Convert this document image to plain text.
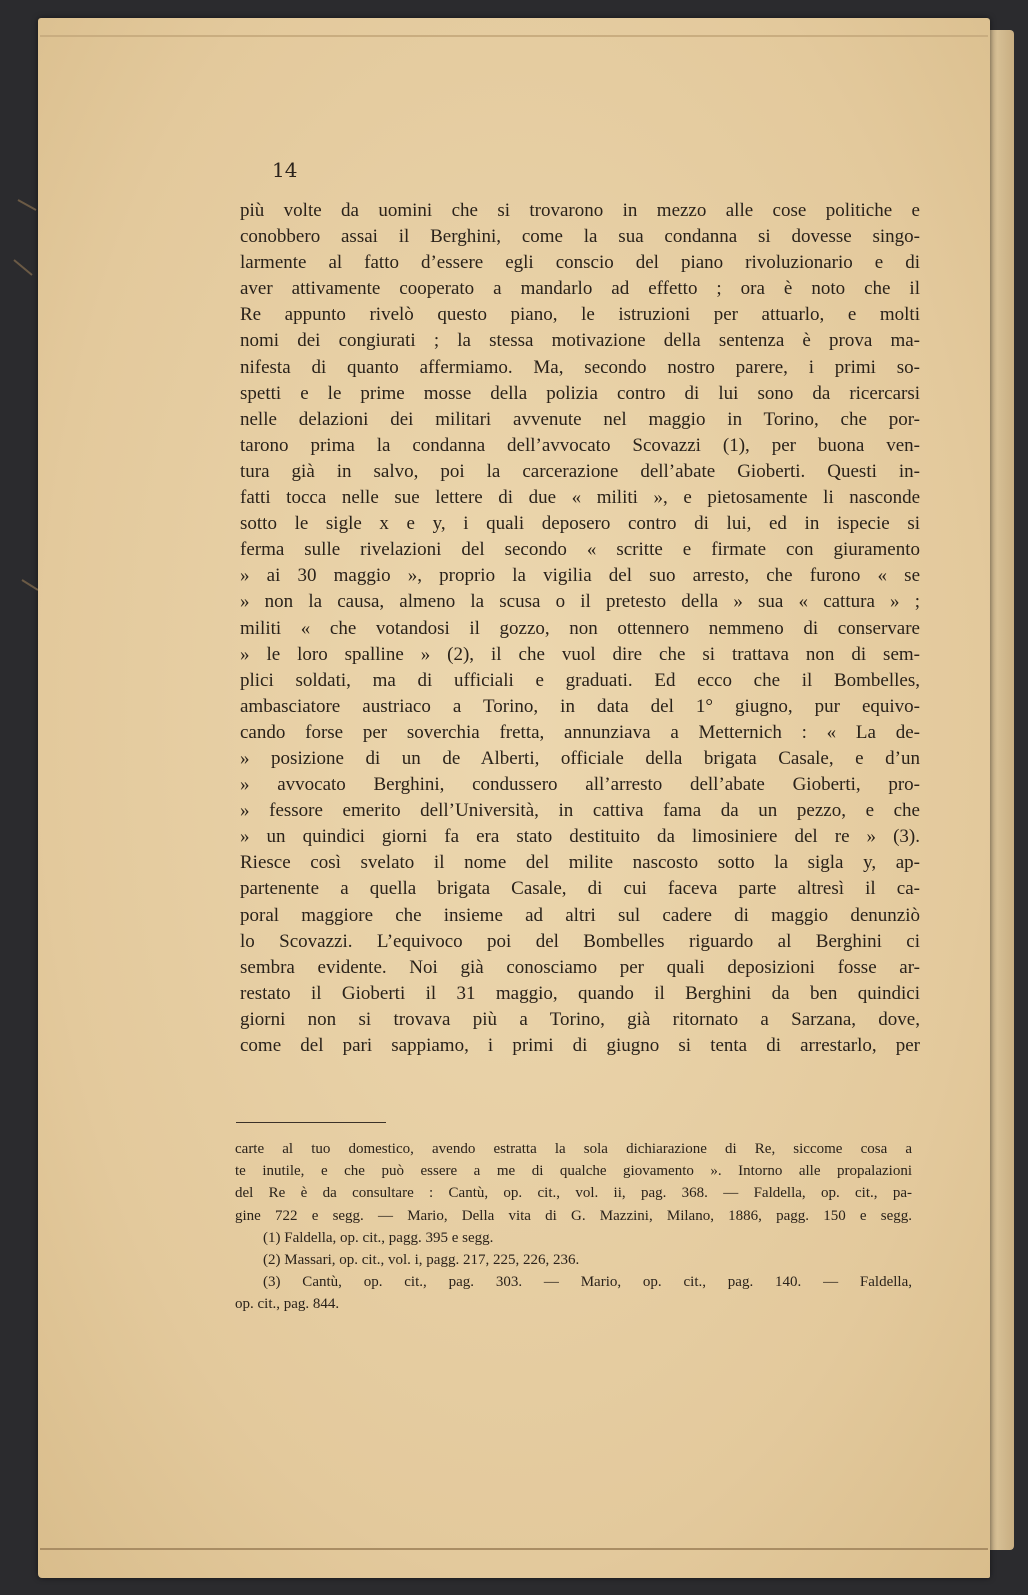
14
più volte da uomini che si trovarono in mezzo alle cose politiche e
conobbero assai il Berghini, come la sua condanna si dovesse singo-
larmente al fatto d’essere egli conscio del piano rivoluzionario e di
aver attivamente cooperato a mandarlo ad effetto ; ora è noto che il
Re appunto rivelò questo piano, le istruzioni per attuarlo, e molti
nomi dei congiurati ; la stessa motivazione della sentenza è prova ma-
nifesta di quanto affermiamo. Ma, secondo nostro parere, i primi so-
spetti e le prime mosse della polizia contro di lui sono da ricercarsi
nelle delazioni dei militari avvenute nel maggio in Torino, che por-
tarono prima la condanna dell’avvocato Scovazzi (1), per buona ven-
tura già in salvo, poi la carcerazione dell’abate Gioberti. Questi in-
fatti tocca nelle sue lettere di due « militi », e pietosamente li nasconde
sotto le sigle x e y, i quali deposero contro di lui, ed in ispecie si
ferma sulle rivelazioni del secondo « scritte e firmate con giuramento
» ai 30 maggio », proprio la vigilia del suo arresto, che furono « se
» non la causa, almeno la scusa o il pretesto della » sua « cattura » ;
militi « che votandosi il gozzo, non ottennero nemmeno di conservare
» le loro spalline » (2), il che vuol dire che si trattava non di sem-
plici soldati, ma di ufficiali e graduati. Ed ecco che il Bombelles,
ambasciatore austriaco a Torino, in data del 1° giugno, pur equivo-
cando forse per soverchia fretta, annunziava a Metternich : « La de-
» posizione di un de Alberti, officiale della brigata Casale, e d’un
» avvocato Berghini, condussero all’arresto dell’abate Gioberti, pro-
» fessore emerito dell’Università, in cattiva fama da un pezzo, e che
» un quindici giorni fa era stato destituito da limosiniere del re » (3).
Riesce così svelato il nome del milite nascosto sotto la sigla y, ap-
partenente a quella brigata Casale, di cui faceva parte altresì il ca-
poral maggiore che insieme ad altri sul cadere di maggio denunziò
lo Scovazzi. L’equivoco poi del Bombelles riguardo al Berghini ci
sembra evidente. Noi già conosciamo per quali deposizioni fosse ar-
restato il Gioberti il 31 maggio, quando il Berghini da ben quindici
giorni non si trovava più a Torino, già ritornato a Sarzana, dove,
come del pari sappiamo, i primi di giugno si tenta di arrestarlo, per
carte al tuo domestico, avendo estratta la sola dichiarazione di Re, siccome cosa a
te inutile, e che può essere a me di qualche giovamento ». Intorno alle propalazioni
del Re è da consultare : Cantù, op. cit., vol. ii, pag. 368. — Faldella, op. cit., pa-
gine 722 e segg. — Mario, Della vita di G. Mazzini, Milano, 1886, pagg. 150 e segg.
(1) Faldella, op. cit., pagg. 395 e segg.
(2) Massari, op. cit., vol. i, pagg. 217, 225, 226, 236.
(3) Cantù, op. cit., pag. 303. — Mario, op. cit., pag. 140. — Faldella,
op. cit., pag. 844.
